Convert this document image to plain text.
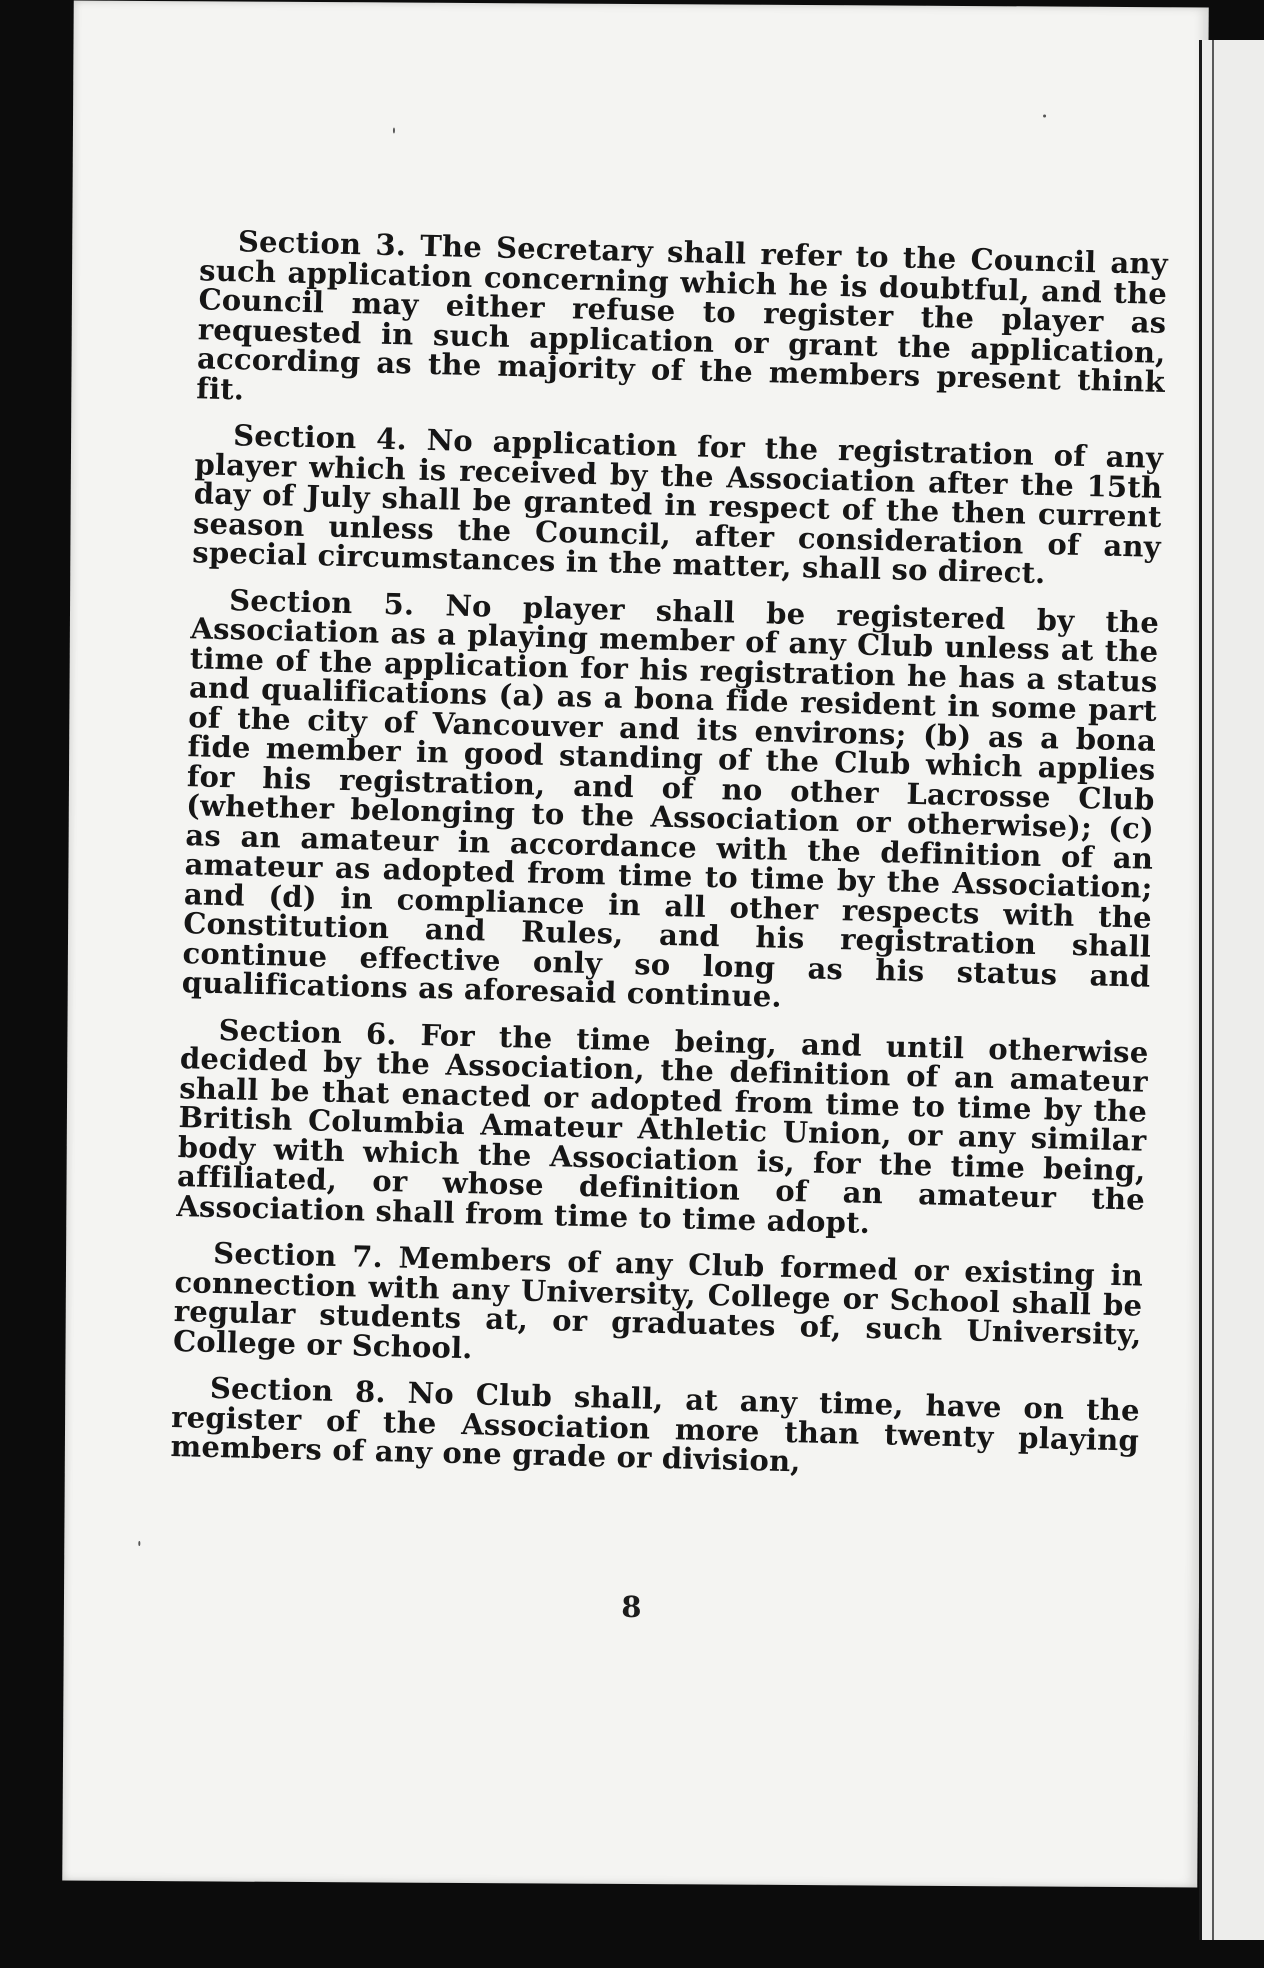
Section 3. The Secretary shall refer to the Council any such application concerning which he is doubtful, and the Council may either refuse to register the player as requested in such application or grant the application, according as the majority of the members present think fit.

Section 4. No application for the registration of any player which is received by the Association after the 15th day of July shall be granted in respect of the then current season unless the Council, after consideration of any special circumstances in the matter, shall so direct.

Section 5. No player shall be registered by the Association as a playing member of any Club unless at the time of the application for his registration he has a status and qualifications (a) as a bona fide resident in some part of the city of Vancouver and its environs; (b) as a bona fide member in good standing of the Club which applies for his registration, and of no other Lacrosse Club (whether belonging to the Association or otherwise); (c) as an amateur in accordance with the definition of an amateur as adopted from time to time by the Association; and (d) in compliance in all other respects with the Constitution and Rules, and his registration shall continue effective only so long as his status and qualifications as aforesaid continue.

Section 6. For the time being, and until otherwise decided by the Association, the definition of an amateur shall be that enacted or adopted from time to time by the British Columbia Amateur Athletic Union, or any similar body with which the Association is, for the time being, affiliated, or whose definition of an amateur the Association shall from time to time adopt.

Section 7. Members of any Club formed or existing in connection with any University, College or School shall be regular students at, or graduates of, such University, College or School.

Section 8. No Club shall, at any time, have on the register of the Association more than twenty playing members of any one grade or division,

8
